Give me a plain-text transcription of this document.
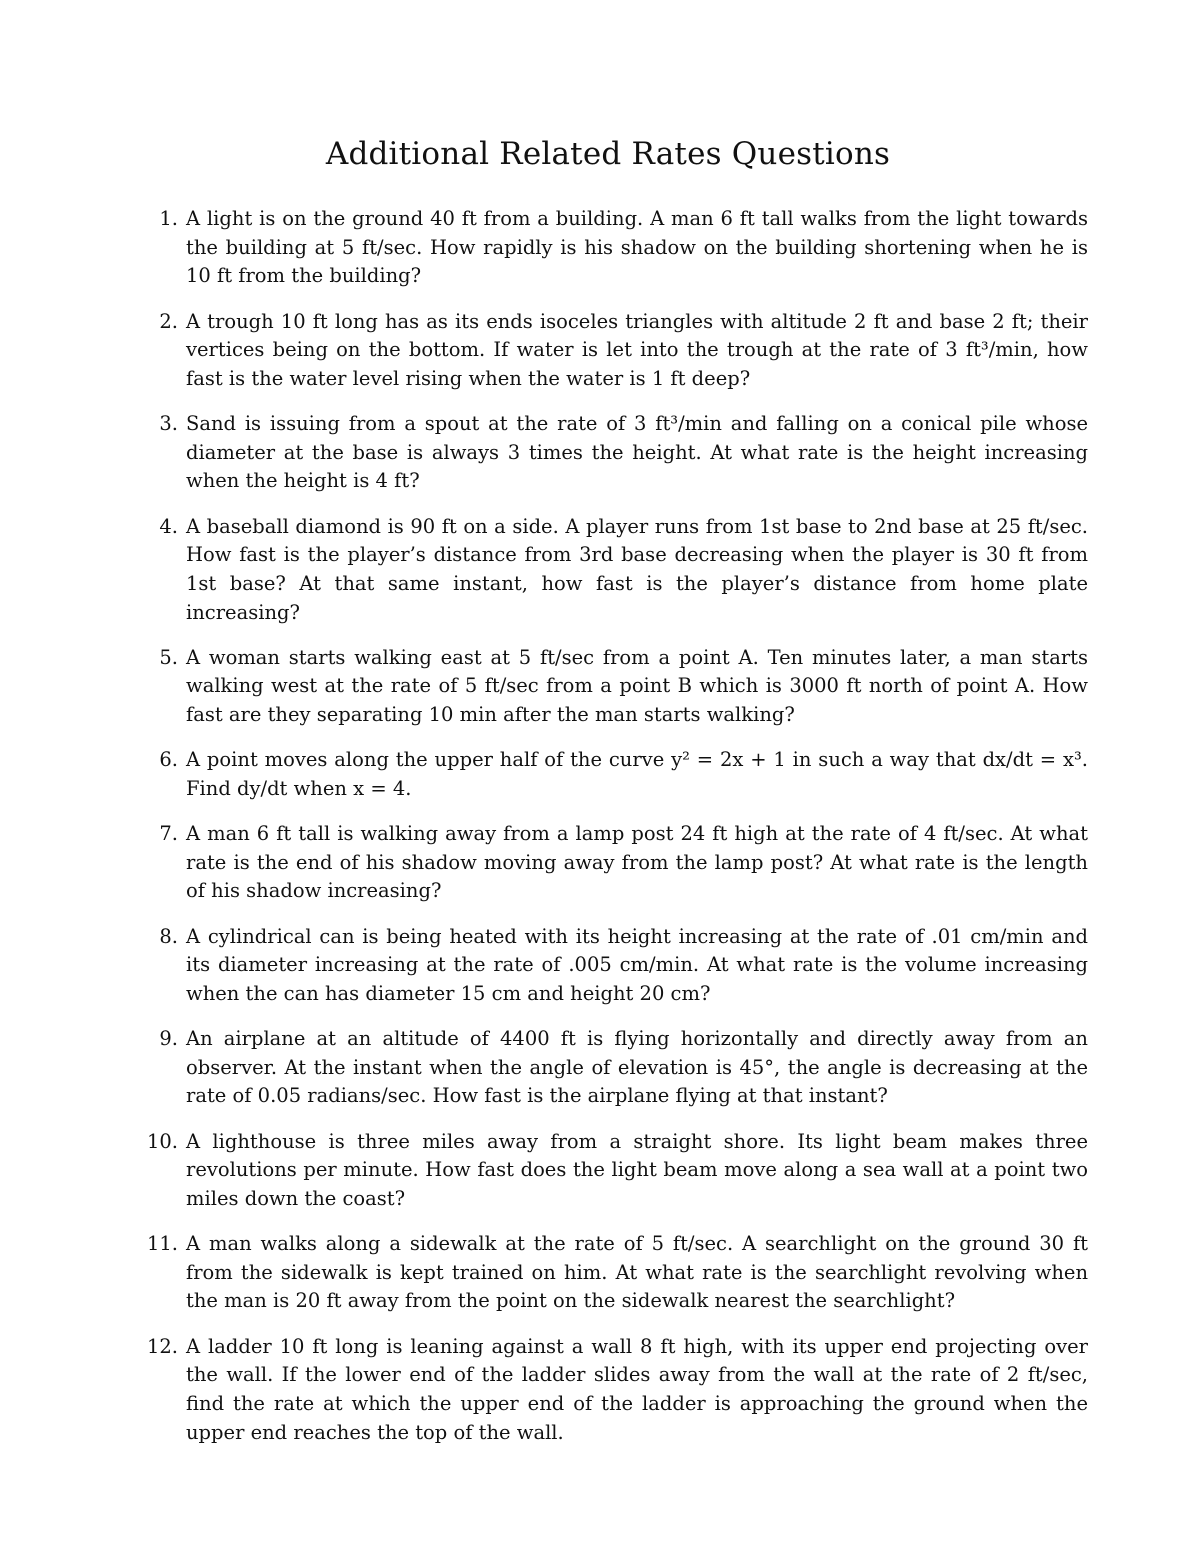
Additional Related Rates Questions
1. A light is on the ground 40 ft from a building. A man 6 ft tall walks from the light towards the building at 5 ft/sec. How rapidly is his shadow on the building shortening when he is 10 ft from the building?
2. A trough 10 ft long has as its ends isoceles triangles with altitude 2 ft and base 2 ft; their vertices being on the bottom. If water is let into the trough at the rate of 3 ft³/min, how fast is the water level rising when the water is 1 ft deep?
3. Sand is issuing from a spout at the rate of 3 ft³/min and falling on a conical pile whose diameter at the base is always 3 times the height. At what rate is the height increasing when the height is 4 ft?
4. A baseball diamond is 90 ft on a side. A player runs from 1st base to 2nd base at 25 ft/sec. How fast is the player’s distance from 3rd base decreasing when the player is 30 ft from 1st base? At that same instant, how fast is the player’s distance from home plate increasing?
5. A woman starts walking east at 5 ft/sec from a point A. Ten minutes later, a man starts walking west at the rate of 5 ft/sec from a point B which is 3000 ft north of point A. How fast are they separating 10 min after the man starts walking?
6. A point moves along the upper half of the curve y² = 2x + 1 in such a way that dx/dt = x³. Find dy/dt when x = 4.
7. A man 6 ft tall is walking away from a lamp post 24 ft high at the rate of 4 ft/sec. At what rate is the end of his shadow moving away from the lamp post? At what rate is the length of his shadow increasing?
8. A cylindrical can is being heated with its height increasing at the rate of .01 cm/min and its diameter increasing at the rate of .005 cm/min. At what rate is the volume increasing when the can has diameter 15 cm and height 20 cm?
9. An airplane at an altitude of 4400 ft is flying horizontally and directly away from an observer. At the instant when the angle of elevation is 45°, the angle is decreasing at the rate of 0.05 radians/sec. How fast is the airplane flying at that instant?
10. A lighthouse is three miles away from a straight shore. Its light beam makes three revolutions per minute. How fast does the light beam move along a sea wall at a point two miles down the coast?
11. A man walks along a sidewalk at the rate of 5 ft/sec. A searchlight on the ground 30 ft from the sidewalk is kept trained on him. At what rate is the searchlight revolving when the man is 20 ft away from the point on the sidewalk nearest the searchlight?
12. A ladder 10 ft long is leaning against a wall 8 ft high, with its upper end projecting over the wall. If the lower end of the ladder slides away from the wall at the rate of 2 ft/sec, find the rate at which the upper end of the ladder is approaching the ground when the upper end reaches the top of the wall.
